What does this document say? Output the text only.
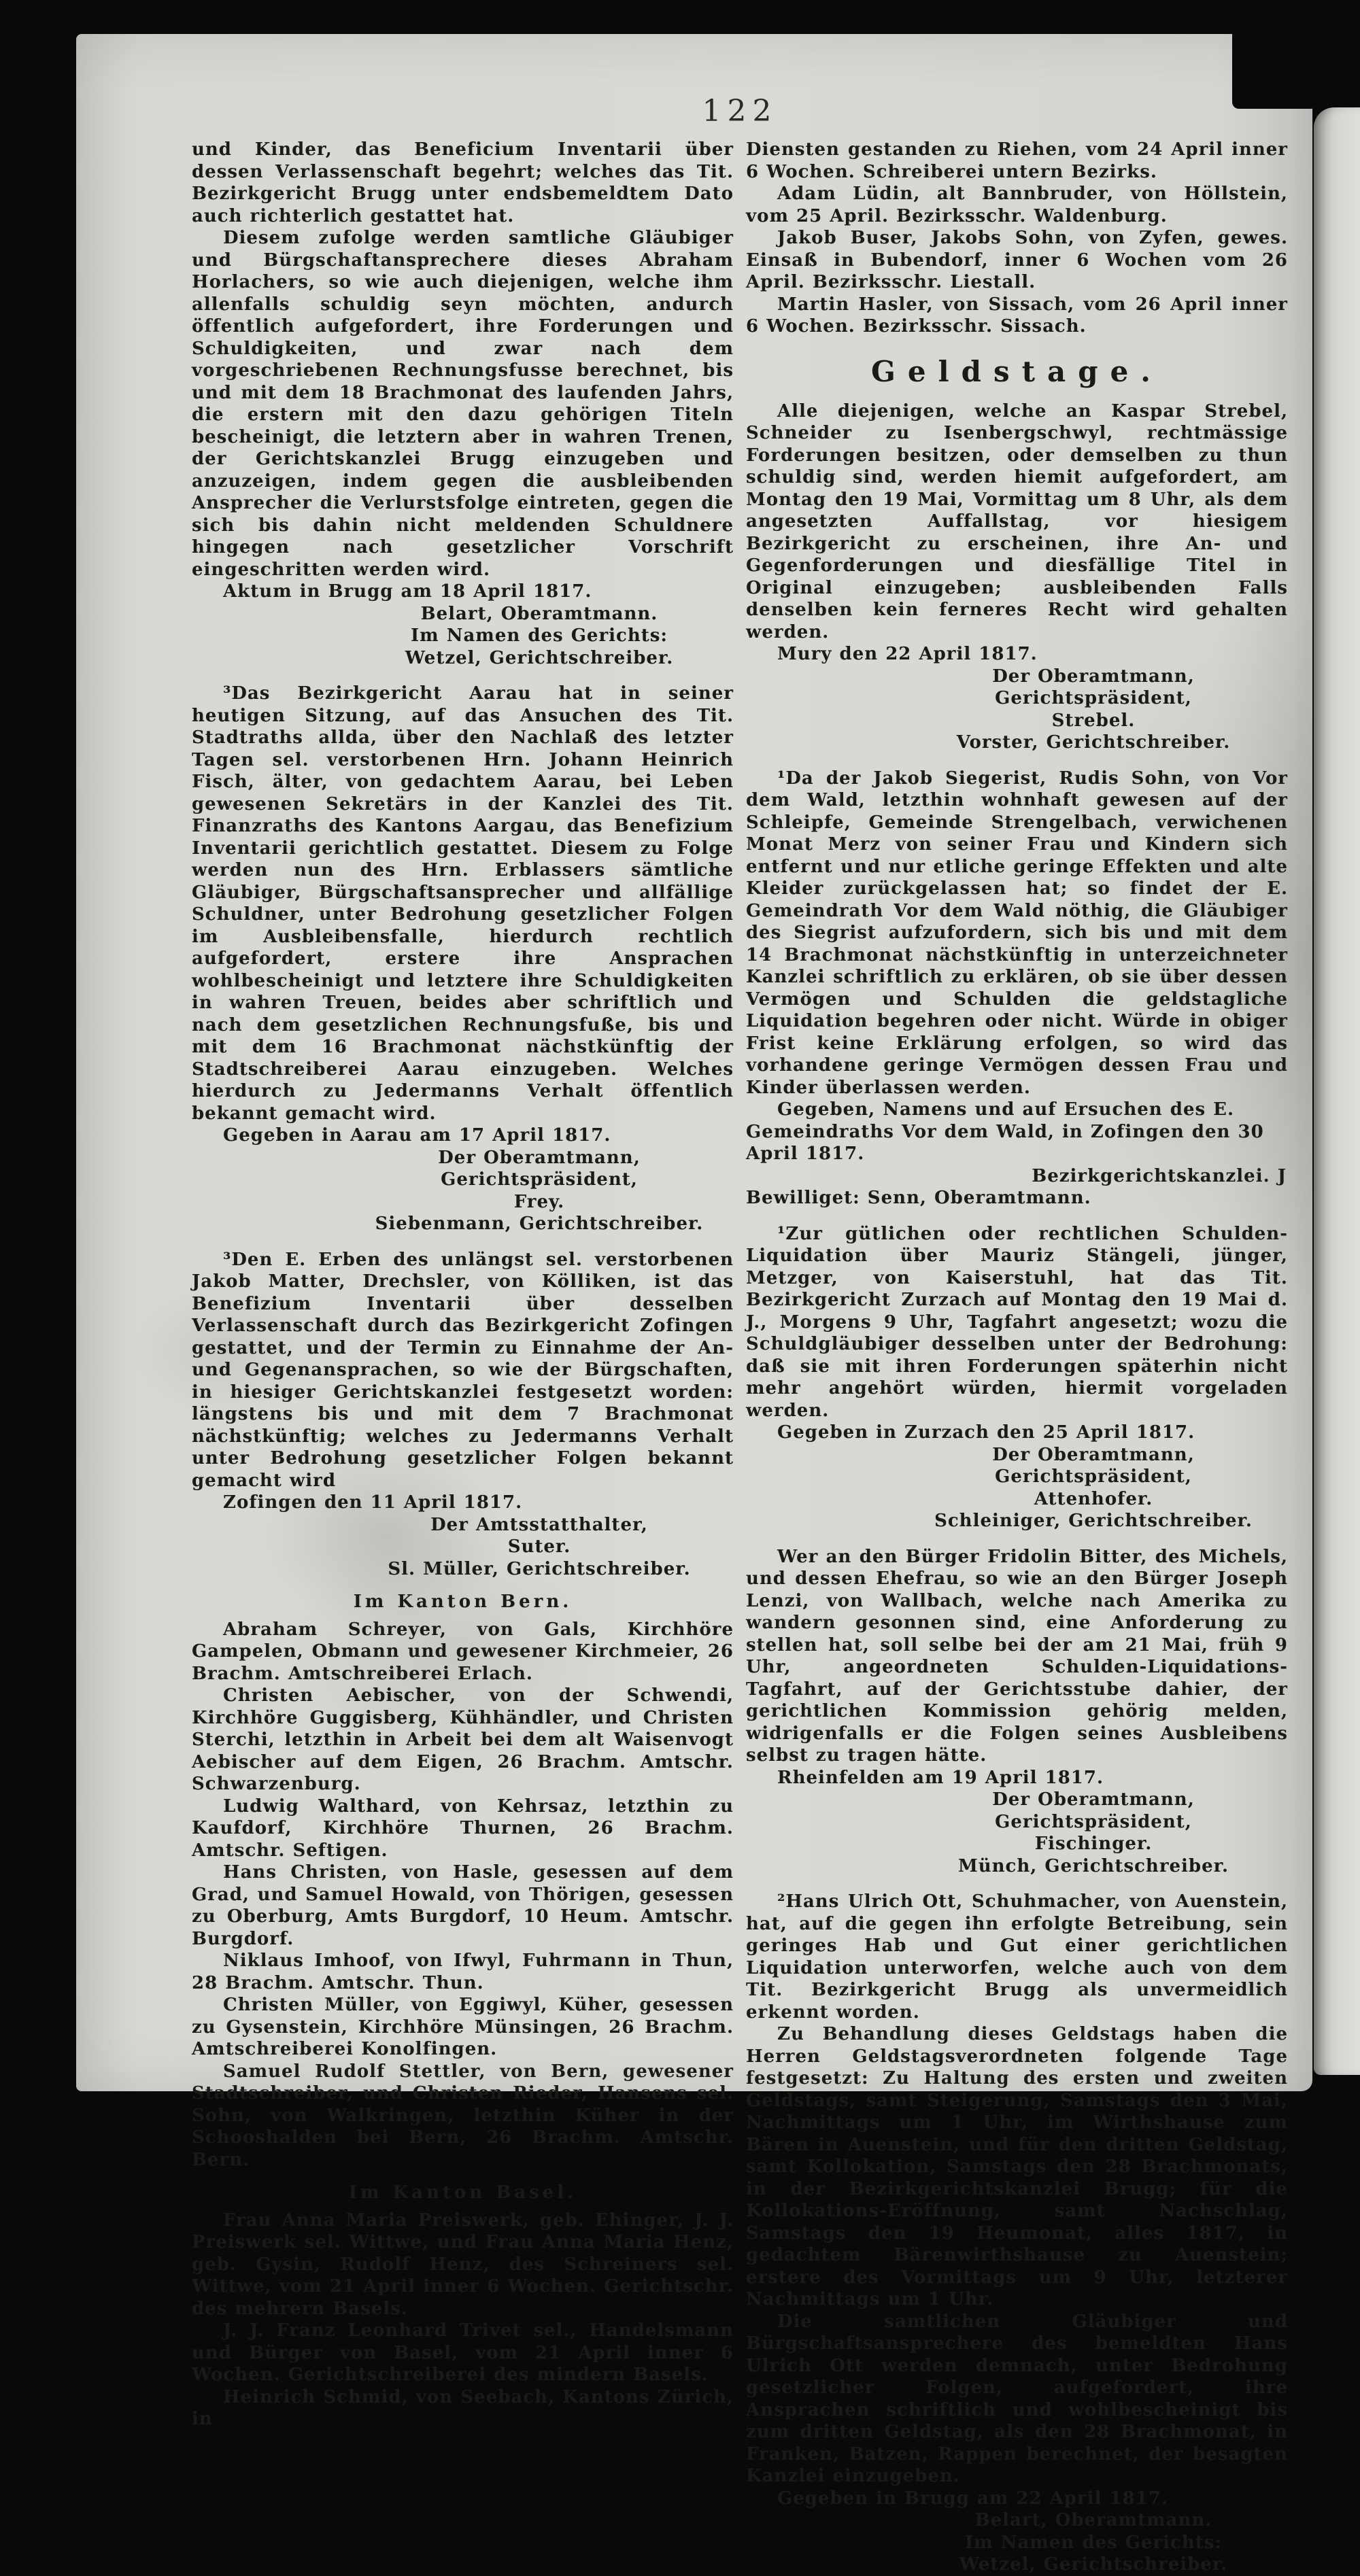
122

und Kinder, das Beneficium Inventarii über dessen Verlassenschaft begehrt; welches das Tit. Bezirkgericht Brugg unter endsbemeldtem Dato auch richterlich gestattet hat.

Diesem zufolge werden samtliche Gläubiger und Bürgschaftansprechere dieses Abraham Horlachers, so wie auch diejenigen, welche ihm allenfalls schuldig seyn möchten, andurch öffentlich aufgefordert, ihre Forderungen und Schuldigkeiten, und zwar nach dem vorgeschriebenen Rechnungsfusse berechnet, bis und mit dem 18 Brachmonat des laufenden Jahrs, die erstern mit den dazu gehörigen Titeln bescheinigt, die letztern aber in wahren Trenen, der Gerichtskanzlei Brugg einzugeben und anzuzeigen, indem gegen die ausbleibenden Ansprecher die Verlurstsfolge eintreten, gegen die sich bis dahin nicht meldenden Schuldnere hingegen nach gesetzlicher Vorschrift eingeschritten werden wird.

Aktum in Brugg am 18 April 1817.

Belart, Oberamtmann.

Im Namen des Gerichts:

Wetzel, Gerichtschreiber.

³Das Bezirkgericht Aarau hat in seiner heutigen Sitzung, auf das Ansuchen des Tit. Stadtraths allda, über den Nachlaß des letzter Tagen sel. verstorbenen Hrn. Johann Heinrich Fisch, älter, von gedachtem Aarau, bei Leben gewesenen Sekretärs in der Kanzlei des Tit. Finanzraths des Kantons Aargau, das Benefizium Inventarii gerichtlich gestattet. Diesem zu Folge werden nun des Hrn. Erblassers sämtliche Gläubiger, Bürgschaftsansprecher und allfällige Schuldner, unter Bedrohung gesetzlicher Folgen im Ausbleibensfalle, hierdurch rechtlich aufgefordert, erstere ihre Ansprachen wohlbescheinigt und letztere ihre Schuldigkeiten in wahren Treuen, beides aber schriftlich und nach dem gesetzlichen Rechnungsfuße, bis und mit dem 16 Brachmonat nächstkünftig der Stadtschreiberei Aarau einzugeben. Welches hierdurch zu Jedermanns Verhalt öffentlich bekannt gemacht wird.

Gegeben in Aarau am 17 April 1817.

Der Oberamtmann, Gerichtspräsident,

Frey.

Siebenmann, Gerichtschreiber.

³Den E. Erben des unlängst sel. verstorbenen Jakob Matter, Drechsler, von Kölliken, ist das Benefizium Inventarii über desselben Verlassenschaft durch das Bezirkgericht Zofingen gestattet, und der Termin zu Einnahme der An- und Gegenansprachen, so wie der Bürgschaften, in hiesiger Gerichtskanzlei festgesetzt worden: längstens bis und mit dem 7 Brachmonat nächstkünftig; welches zu Jedermanns Verhalt unter Bedrohung gesetzlicher Folgen bekannt gemacht wird

Zofingen den 11 April 1817.

Der Amtsstatthalter,

Suter.

Sl. Müller, Gerichtschreiber.

Im Kanton Bern.

Abraham Schreyer, von Gals, Kirchhöre Gampelen, Obmann und gewesener Kirchmeier, 26 Brachm. Amtschreiberei Erlach.

Christen Aebischer, von der Schwendi, Kirchhöre Guggisberg, Kühhändler, und Christen Sterchi, letzthin in Arbeit bei dem alt Waisenvogt Aebischer auf dem Eigen, 26 Brachm. Amtschr. Schwarzenburg.

Ludwig Walthard, von Kehrsaz, letzthin zu Kaufdorf, Kirchhöre Thurnen, 26 Brachm. Amtschr. Seftigen.

Hans Christen, von Hasle, gesessen auf dem Grad, und Samuel Howald, von Thörigen, gesessen zu Oberburg, Amts Burgdorf, 10 Heum. Amtschr. Burgdorf.

Niklaus Imhoof, von Ifwyl, Fuhrmann in Thun, 28 Brachm. Amtschr. Thun.

Christen Müller, von Eggiwyl, Küher, gesessen zu Gysenstein, Kirchhöre Münsingen, 26 Brachm. Amtschreiberei Konolfingen.

Samuel Rudolf Stettler, von Bern, gewesener Stadtschreiber, und Christen Rieder, Hansens sel. Sohn, von Walkringen, letzthin Küher in der Schooshalden bei Bern, 26 Brachm. Amtschr. Bern.

Im Kanton Basel.

Frau Anna Maria Preiswerk, geb. Ehinger, J. J. Preiswerk sel. Wittwe, und Frau Anna Maria Henz, geb. Gysin, Rudolf Henz, des Schreiners sel. Wittwe, vom 21 April inner 6 Wochen. Gerichtschr. des mehrern Basels.

J. J. Franz Leonhard Trivet sel., Handelsmann und Bürger von Basel, vom 21 April inner 6 Wochen. Gerichtschreiberei des mindern Basels.

Heinrich Schmid, von Seebach, Kantons Zürich, in

Diensten gestanden zu Riehen, vom 24 April inner 6 Wochen. Schreiberei untern Bezirks.

Adam Lüdin, alt Bannbruder, von Höllstein, vom 25 April. Bezirksschr. Waldenburg.

Jakob Buser, Jakobs Sohn, von Zyfen, gewes. Einsaß in Bubendorf, inner 6 Wochen vom 26 April. Bezirksschr. Liestall.

Martin Hasler, von Sissach, vom 26 April inner 6 Wochen. Bezirksschr. Sissach.

Geldstage.

Alle diejenigen, welche an Kaspar Strebel, Schneider zu Isenbergschwyl, rechtmässige Forderungen besitzen, oder demselben zu thun schuldig sind, werden hiemit aufgefordert, am Montag den 19 Mai, Vormittag um 8 Uhr, als dem angesetzten Auffallstag, vor hiesigem Bezirkgericht zu erscheinen, ihre An- und Gegenforderungen und diesfällige Titel in Original einzugeben; ausbleibenden Falls denselben kein ferneres Recht wird gehalten werden.

Mury den 22 April 1817.

Der Oberamtmann, Gerichtspräsident,

Strebel.

Vorster, Gerichtschreiber.

¹Da der Jakob Siegerist, Rudis Sohn, von Vor dem Wald, letzthin wohnhaft gewesen auf der Schleipfe, Gemeinde Strengelbach, verwichenen Monat Merz von seiner Frau und Kindern sich entfernt und nur etliche geringe Effekten und alte Kleider zurückgelassen hat; so findet der E. Gemeindrath Vor dem Wald nöthig, die Gläubiger des Siegrist aufzufordern, sich bis und mit dem 14 Brachmonat nächstkünftig in unterzeichneter Kanzlei schriftlich zu erklären, ob sie über dessen Vermögen und Schulden die geldstagliche Liquidation begehren oder nicht. Würde in obiger Frist keine Erklärung erfolgen, so wird das vorhandene geringe Vermögen dessen Frau und Kinder überlassen werden.

Gegeben, Namens und auf Ersuchen des E. Gemeindraths Vor dem Wald, in Zofingen den 30 April 1817.

Bezirkgerichtskanzlei. J

Bewilliget: Senn, Oberamtmann.

¹Zur gütlichen oder rechtlichen Schulden-Liquidation über Mauriz Stängeli, jünger, Metzger, von Kaiserstuhl, hat das Tit. Bezirkgericht Zurzach auf Montag den 19 Mai d. J., Morgens 9 Uhr, Tagfahrt angesetzt; wozu die Schuldgläubiger desselben unter der Bedrohung: daß sie mit ihren Forderungen späterhin nicht mehr angehört würden, hiermit vorgeladen werden.

Gegeben in Zurzach den 25 April 1817.

Der Oberamtmann, Gerichtspräsident,

Attenhofer.

Schleiniger, Gerichtschreiber.

Wer an den Bürger Fridolin Bitter, des Michels, und dessen Ehefrau, so wie an den Bürger Joseph Lenzi, von Wallbach, welche nach Amerika zu wandern gesonnen sind, eine Anforderung zu stellen hat, soll selbe bei der am 21 Mai, früh 9 Uhr, angeordneten Schulden-Liquidations-Tagfahrt, auf der Gerichtsstube dahier, der gerichtlichen Kommission gehörig melden, widrigenfalls er die Folgen seines Ausbleibens selbst zu tragen hätte.

Rheinfelden am 19 April 1817.

Der Oberamtmann, Gerichtspräsident,

Fischinger.

Münch, Gerichtschreiber.

²Hans Ulrich Ott, Schuhmacher, von Auenstein, hat, auf die gegen ihn erfolgte Betreibung, sein geringes Hab und Gut einer gerichtlichen Liquidation unterworfen, welche auch von dem Tit. Bezirkgericht Brugg als unvermeidlich erkennt worden.

Zu Behandlung dieses Geldstags haben die Herren Geldstagsverordneten folgende Tage festgesetzt: Zu Haltung des ersten und zweiten Geldstags, samt Steigerung, Samstags den 3 Mai, Nachmittags um 1 Uhr, im Wirthshause zum Bären in Auenstein, und für den dritten Geldstag, samt Kollokation, Samstags den 28 Brachmonats, in der Bezirkgerichtskanzlei Brugg; für die Kollokations-Eröffnung, samt Nachschlag, Samstags den 19 Heumonat, alles 1817, in gedachtem Bärenwirthshause zu Auenstein; erstere des Vormittags um 9 Uhr, letzterer Nachmittags um 1 Uhr.

Die samtlichen Gläubiger und Bürgschaftsansprechere des bemeldten Hans Ulrich Ott werden demnach, unter Bedrohung gesetzlicher Folgen, aufgefordert, ihre Ansprachen schriftlich und wohlbescheinigt bis zum dritten Geldstag, als den 28 Brachmonat, in Franken, Batzen, Rappen berechnet, der besagten Kanzlei einzugeben.

Gegeben in Brugg am 22 April 1817.

Belart, Oberamtmann.

Im Namen des Gerichts:

Wetzel, Gerichtschreiber.
